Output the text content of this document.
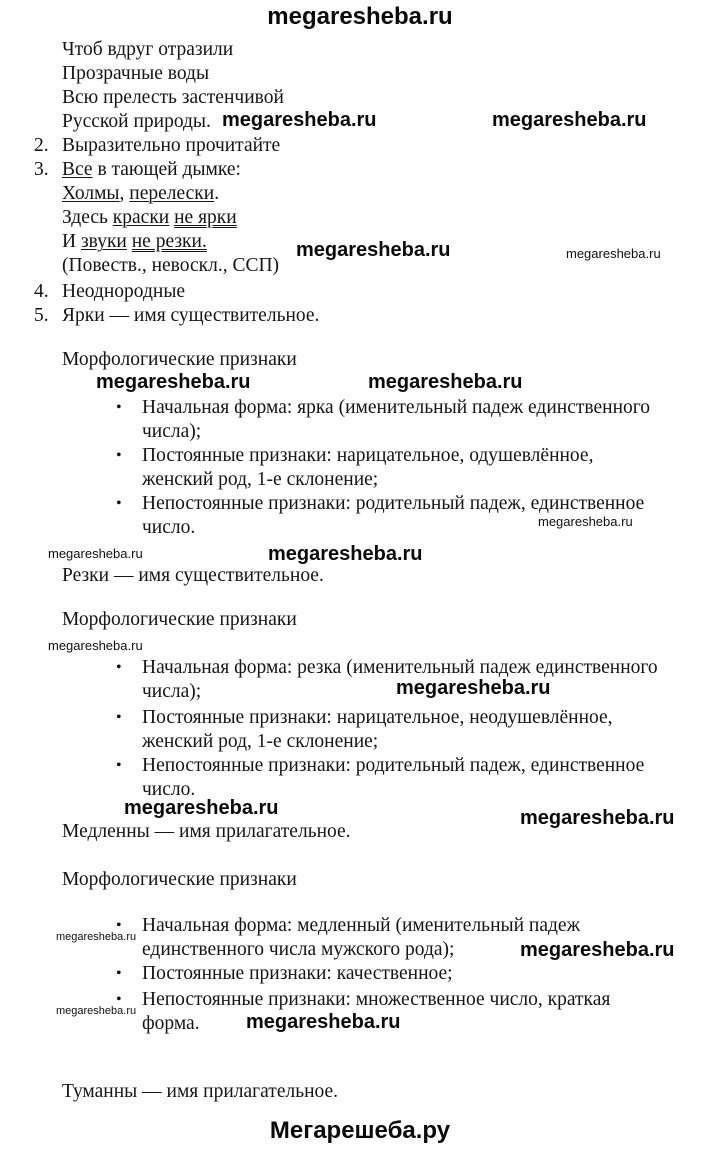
megaresheba.ru
Чтоб вдруг отразили
Прозрачные воды
Всю прелесть застенчивой
Русской природы. megaresheba.ru	megaresheba.ru
2. Выразительно прочитайте
3. Все в тающей дымке:
Холмы, перелески.
Здесь краски не ярки
И звуки не резки.	megaresheba.ru	megaresheba.ru
(Повеств., невоскл., ССП)
4. Неоднородные
5. Ярки — имя существительное.
Морфологические признаки
megaresheba.ru	megaresheba.ru
• Начальная форма: ярка (именительный падеж единственного
числа);
• Постоянные признаки: нарицательное, одушевлённое,
женский род, 1-е склонение;
• Непостоянные признаки: родительный падеж, единственное
число.	megaresheba.ru
megaresheba.ru	megaresheba.ru
Резки — имя существительное.
Морфологические признаки
megaresheba.ru
• Начальная форма: резка (именительный падеж единственного
числа);	megaresheba.ru
• Постоянные признаки: нарицательное, неодушевлённое,
женский род, 1-е склонение;
• Непостоянные признаки: родительный падеж, единственное
число.
megaresheba.ru	megaresheba.ru
Медленны — имя прилагательное.
Морфологические признаки
• Начальная форма: медленный (именительный падеж
megaresheba.ru
единственного числа мужского рода);	megaresheba.ru
• Постоянные признаки: качественное;
• Непостоянные признаки: множественное число, краткая
megaresheba.ru
форма. megaresheba.ru
Туманны — имя прилагательное.
Мегарешеба.ру
